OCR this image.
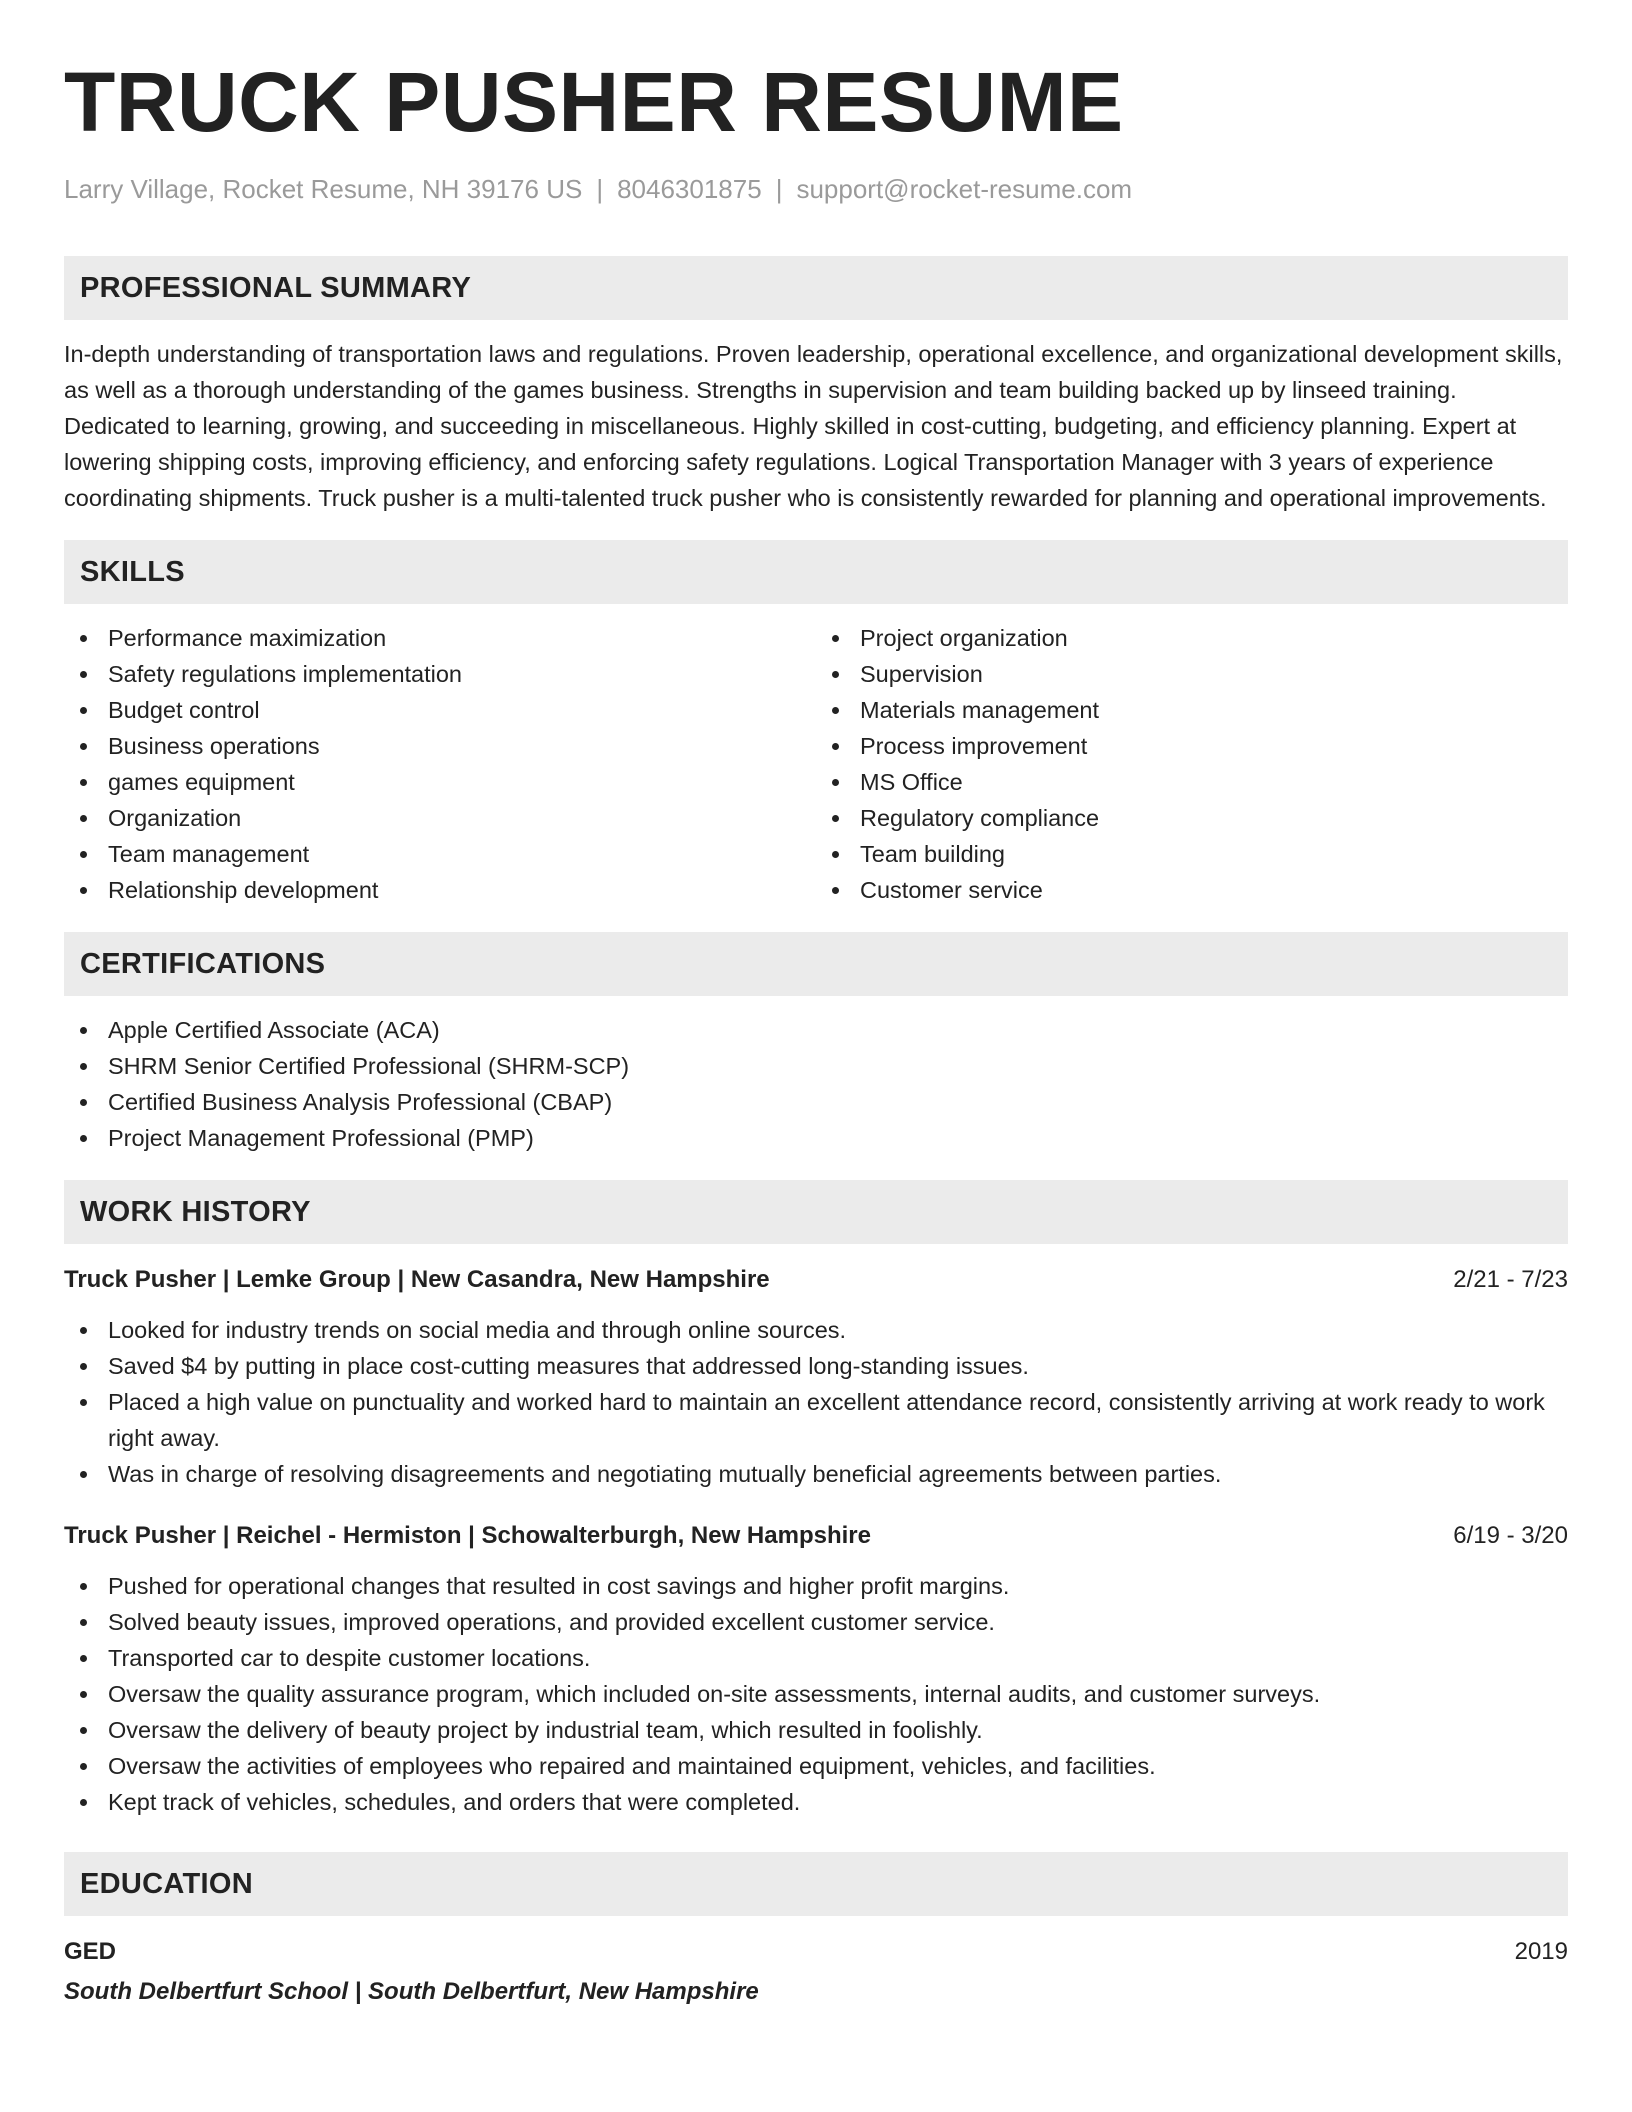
TRUCK PUSHER RESUME
Larry Village, Rocket Resume, NH 39176 US | 8046301875 | support@rocket-resume.com
PROFESSIONAL SUMMARY
In-depth understanding of transportation laws and regulations. Proven leadership, operational excellence, and organizational development skills, as well as a thorough understanding of the games business. Strengths in supervision and team building backed up by linseed training. Dedicated to learning, growing, and succeeding in miscellaneous. Highly skilled in cost-cutting, budgeting, and efficiency planning. Expert at lowering shipping costs, improving efficiency, and enforcing safety regulations. Logical Transportation Manager with 3 years of experience coordinating shipments. Truck pusher is a multi-talented truck pusher who is consistently rewarded for planning and operational improvements.
SKILLS
Performance maximization
Safety regulations implementation
Budget control
Business operations
games equipment
Organization
Team management
Relationship development
Project organization
Supervision
Materials management
Process improvement
MS Office
Regulatory compliance
Team building
Customer service
CERTIFICATIONS
Apple Certified Associate (ACA)
SHRM Senior Certified Professional (SHRM-SCP)
Certified Business Analysis Professional (CBAP)
Project Management Professional (PMP)
WORK HISTORY
Truck Pusher | Lemke Group | New Casandra, New Hampshire	2/21 - 7/23
Looked for industry trends on social media and through online sources.
Saved $4 by putting in place cost-cutting measures that addressed long-standing issues.
Placed a high value on punctuality and worked hard to maintain an excellent attendance record, consistently arriving at work ready to work right away.
Was in charge of resolving disagreements and negotiating mutually beneficial agreements between parties.
Truck Pusher | Reichel - Hermiston | Schowalterburgh, New Hampshire	6/19 - 3/20
Pushed for operational changes that resulted in cost savings and higher profit margins.
Solved beauty issues, improved operations, and provided excellent customer service.
Transported car to despite customer locations.
Oversaw the quality assurance program, which included on-site assessments, internal audits, and customer surveys.
Oversaw the delivery of beauty project by industrial team, which resulted in foolishly.
Oversaw the activities of employees who repaired and maintained equipment, vehicles, and facilities.
Kept track of vehicles, schedules, and orders that were completed.
EDUCATION
GED	2019
South Delbertfurt School | South Delbertfurt, New Hampshire
